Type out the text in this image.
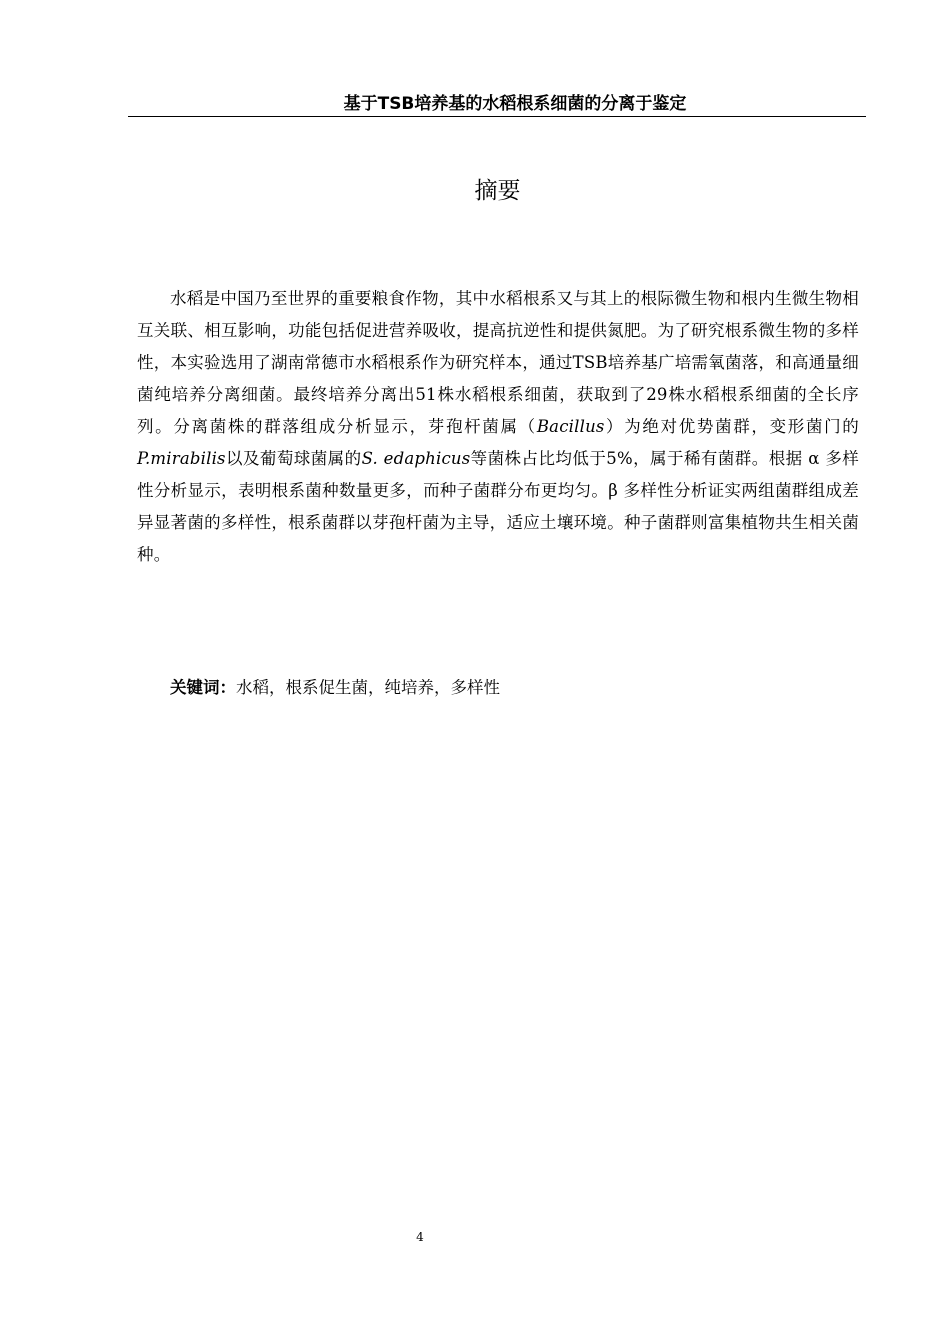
基于TSB培养基的水稻根系细菌的分离于鉴定
摘要

水稻是中国乃至世界的重要粮食作物，其中水稻根系又与其上的根际微生物和根内生微生物相互关联、相互影响，功能包括促进营养吸收，提高抗逆性和提供氮肥。为了研究根系微生物的多样性，本实验选用了湖南常德市水稻根系作为研究样本，通过TSB培养基广培需氧菌落，和高通量细菌纯培养分离细菌。最终培养分离出51株水稻根系细菌，获取到了29株水稻根系细菌的全长序列。分离菌株的群落组成分析显示，芽孢杆菌属（Bacillus）为绝对优势菌群，变形菌门的P.mirabilis以及葡萄球菌属的S. edaphicus等菌株占比均低于5%，属于稀有菌群。根据 α 多样性分析显示，表明根系菌种数量更多，而种子菌群分布更均匀。β 多样性分析证实两组菌群组成差异显著菌的多样性，根系菌群以芽孢杆菌为主导，适应土壤环境。种子菌群则富集植物共生相关菌种。

关键词：水稻，根系促生菌，纯培养，多样性
4
